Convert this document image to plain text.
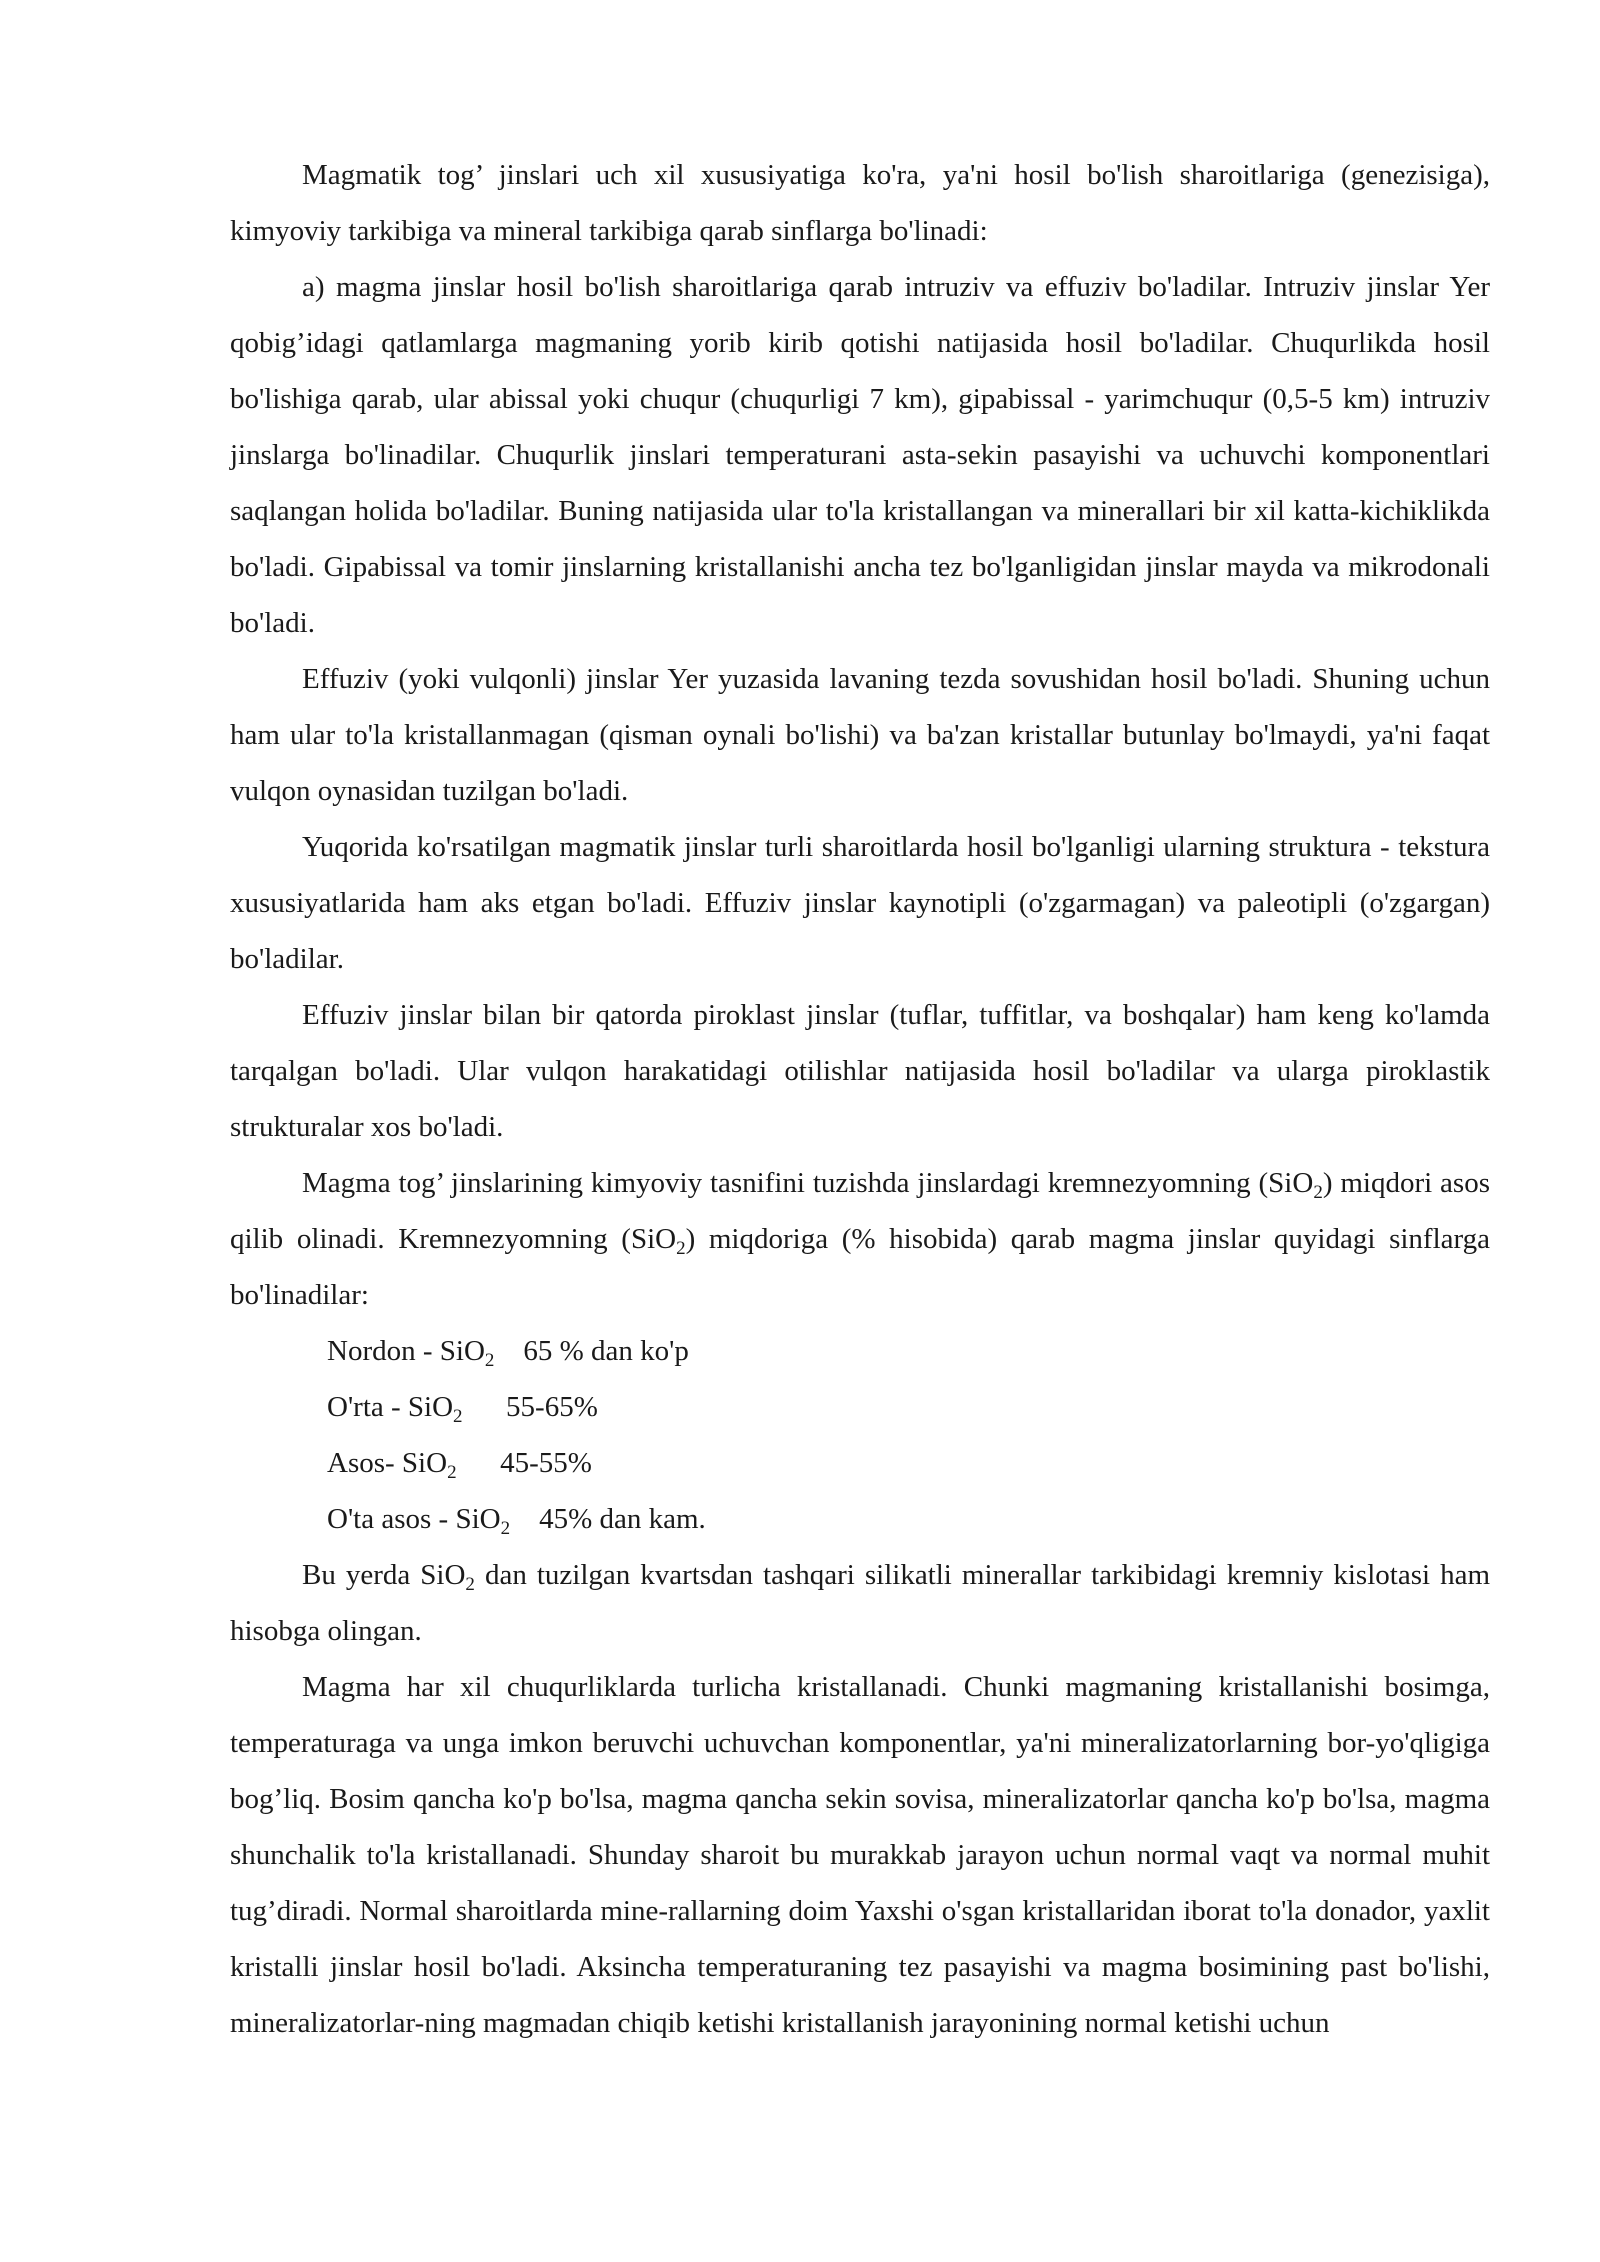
Magmatik tog’ jinslari uch xil xususiyatiga ko'ra, ya'ni hosil bo'lish sharoitlariga (genezisiga), kimyoviy tarkibiga va mineral tarkibiga qarab sinflarga bo'linadi:

a) magma jinslar hosil bo'lish sharoitlariga qarab intruziv va effuziv bo'ladilar. Intruziv jinslar Yer qobig’idagi qatlamlarga magmaning yorib kirib qotishi natijasida hosil bo'ladilar. Chuqurlikda hosil bo'lishiga qarab, ular abissal yoki chuqur (chuqurligi 7 km), gipabissal - yarimchuqur (0,5-5 km) intruziv jinslarga bo'linadilar. Chuqurlik jinslari temperaturani asta-sekin pasayishi va uchuvchi komponentlari saqlangan holida bo'ladilar. Buning natijasida ular to'la kristallangan va minerallari bir xil katta-kichiklikda bo'ladi. Gipabissal va tomir jinslarning kristallanishi ancha tez bo'lganligidan jinslar mayda va mikrodonali bo'ladi.

Effuziv (yoki vulqonli) jinslar Yer yuzasida lavaning tezda sovushidan hosil bo'ladi. Shuning uchun ham ular to'la kristallanmagan (qisman oynali bo'lishi) va ba'zan kristallar butunlay bo'lmaydi, ya'ni faqat vulqon oynasidan tuzilgan bo'ladi.

Yuqorida ko'rsatilgan magmatik jinslar turli sharoitlarda hosil bo'lganligi ularning struktura - tekstura xususiyatlarida ham aks etgan bo'ladi. Effuziv jinslar kaynotipli (o'zgarmagan) va paleotipli (o'zgargan) bo'ladilar.

Effuziv jinslar bilan bir qatorda piroklast jinslar (tuflar, tuffitlar, va boshqalar) ham keng ko'lamda tarqalgan bo'ladi. Ular vulqon harakatidagi otilishlar natijasida hosil bo'ladilar va ularga piroklastik strukturalar xos bo'ladi.

Magma tog’ jinslarining kimyoviy tasnifini tuzishda jinslardagi kremnezyomning (SiO$_2$) miqdori asos qilib olinadi. Kremnezyomning (SiO$_2$) miqdoriga (% hisobida) qarab magma jinslar quyidagi sinflarga bo'linadilar:

Nordon - SiO$_2$ 65 % dan ko'p
O'rta - SiO$_2$ 55-65%
Asos- SiO$_2$ 45-55%
O'ta asos - SiO$_2$ 45% dan kam.

Bu yerda SiO$_2$ dan tuzilgan kvartsdan tashqari silikatli minerallar tarkibidagi kremniy kislotasi ham hisobga olingan.

Magma har xil chuqurliklarda turlicha kristallanadi. Chunki magmaning kristallanishi bosimga, temperaturaga va unga imkon beruvchi uchuvchan komponentlar, ya'ni mineralizatorlarning bor-yo'qligiga bog’liq. Bosim qancha ko'p bo'lsa, magma qancha sekin sovisa, mineralizatorlar qancha ko'p bo'lsa, magma shunchalik to'la kristallanadi. Shunday sharoit bu murakkab jarayon uchun normal vaqt va normal muhit tug’diradi. Normal sharoitlarda mine-rallarning doim Yaxshi o'sgan kristallaridan iborat to'la donador, yaxlit kristalli jinslar hosil bo'ladi. Aksincha temperaturaning tez pasayishi va magma bosimining past bo'lishi, mineralizatorlar-ning magmadan chiqib ketishi kristallanish jarayonining normal ketishi uchun
